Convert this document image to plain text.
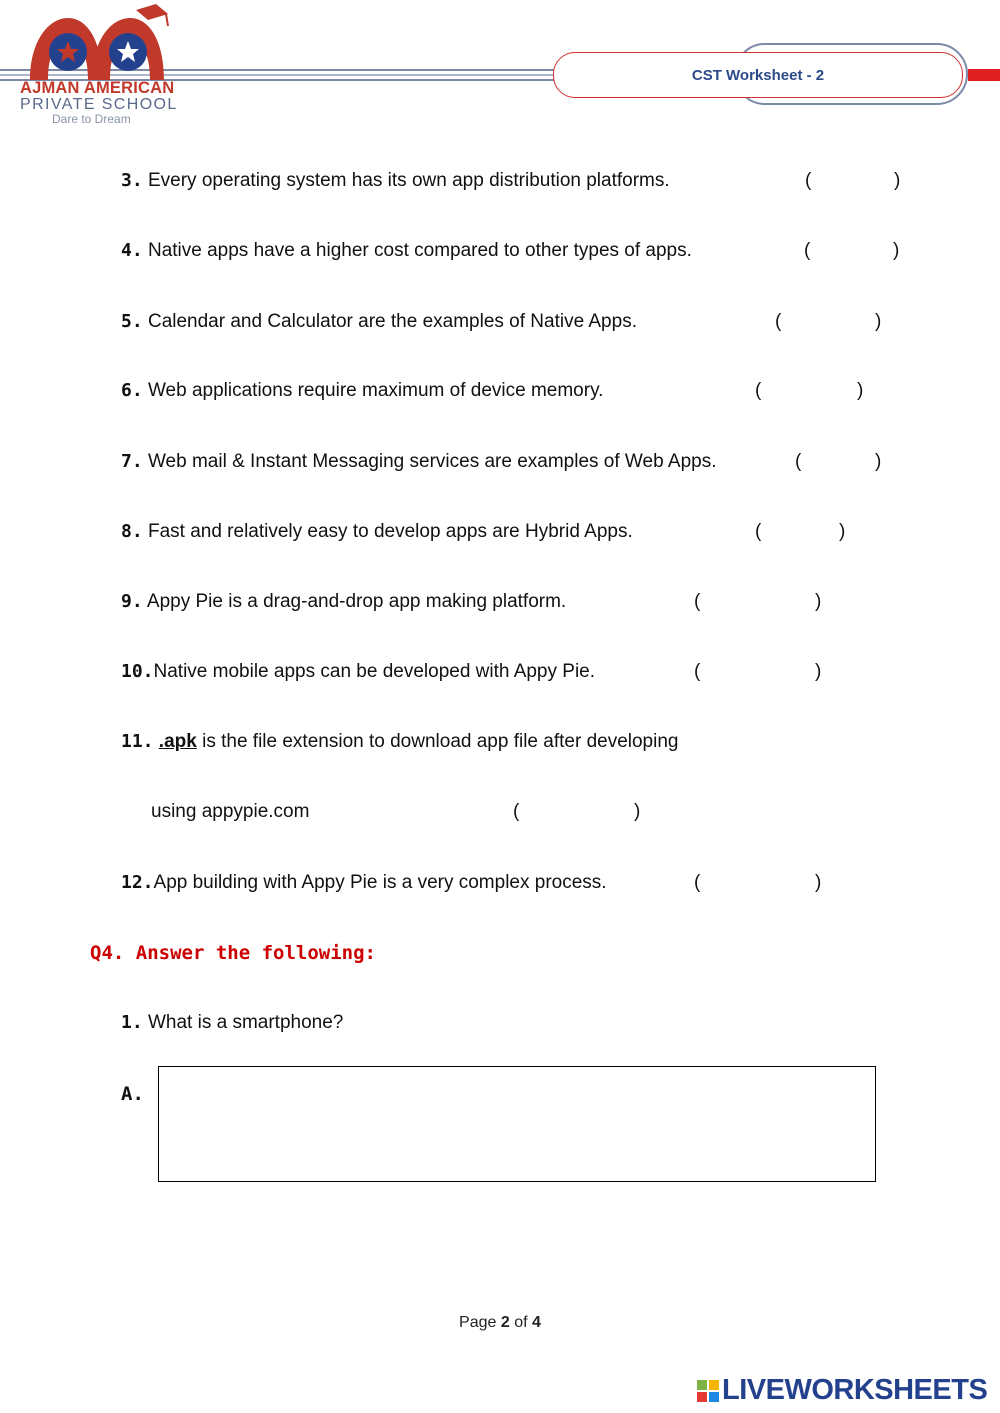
CST Worksheet - 2
AJMAN AMERICAN
PRIVATE SCHOOL
Dare to Dream
3. Every operating system has its own app distribution platforms.	(	)
4. Native apps have a higher cost compared to other types of apps.	(	)
5. Calendar and Calculator are the examples of Native Apps.	(	)
6. Web applications require maximum of device memory.	(	)
7. Web mail & Instant Messaging services are examples of Web Apps.	(	)
8. Fast and relatively easy to develop apps are Hybrid Apps.	(	)
9. Appy Pie is a drag-and-drop app making platform.	(	)
10.Native mobile apps can be developed with Appy Pie.	(	)
11. .apk is the file extension to download app file after developing
using appypie.com	(	)
12.App building with Appy Pie is a very complex process.	(	)
Q4. Answer the following:
1. What is a smartphone?
A.
Page 2 of 4
LIVEWORKSHEETS
